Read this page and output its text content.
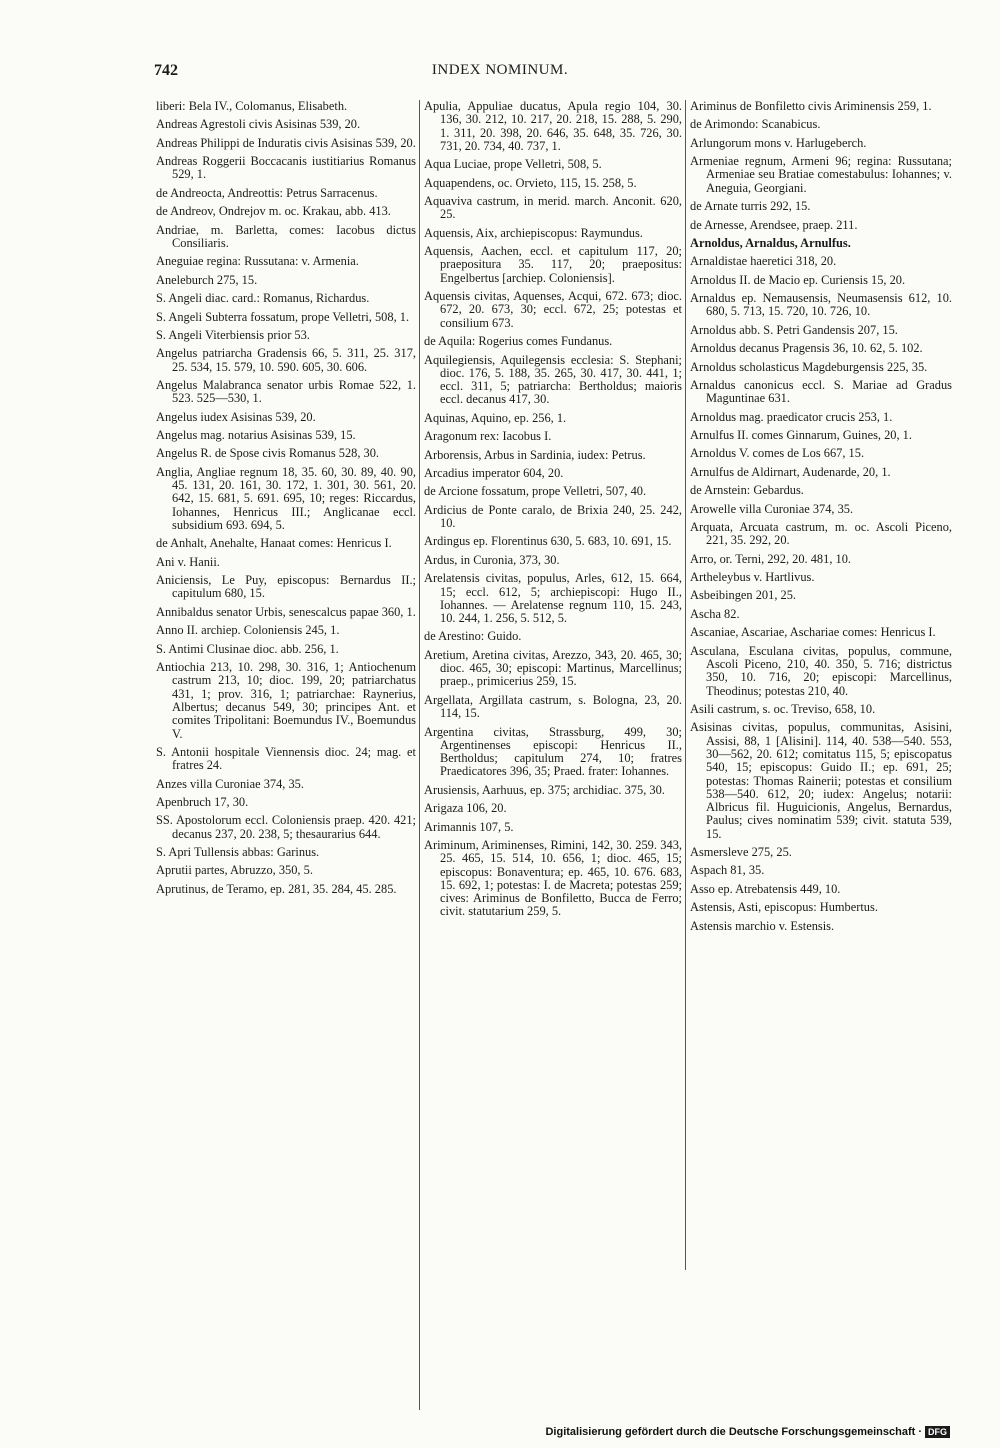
742	INDEX NOMINUM.

liberi: Bela IV., Colomanus, Elisabeth.

Andreas Agrestoli civis Asisinas 539, 20.

Andreas Philippi de Induratis civis Asisinas 539, 20.

Andreas Roggerii Boccacanis iustitiarius Romanus 529, 1.

de Andreocta, Andreottis: Petrus Sarracenus.

de Andreov, Ondrejov m. oc. Krakau, abb. 413.

Andriae, m. Barletta, comes: Iacobus dictus Consiliaris.

Aneguiae regina: Russutana: v. Armenia.

Aneleburch 275, 15.

S. Angeli diac. card.: Romanus, Richardus.

S. Angeli Subterra fossatum, prope Velletri, 508, 1.

S. Angeli Viterbiensis prior 53.

Angelus patriarcha Gradensis 66, 5. 311, 25. 317, 25. 534, 15. 579, 10. 590. 605, 30. 606.

Angelus Malabranca senator urbis Romae 522, 1. 523. 525—530, 1.

Angelus iudex Asisinas 539, 20.

Angelus mag. notarius Asisinas 539, 15.

Angelus R. de Spose civis Romanus 528, 30.

Anglia, Angliae regnum 18, 35. 60, 30. 89, 40. 90, 45. 131, 20. 161, 30. 172, 1. 301, 30. 561, 20. 642, 15. 681, 5. 691. 695, 10; reges: Riccardus, Iohannes, Henricus III.; Anglicanae eccl. subsidium 693. 694, 5.

de Anhalt, Anehalte, Hanaat comes: Henricus I.

Ani v. Hanii.

Aniciensis, Le Puy, episcopus: Bernardus II.; capitulum 680, 15.

Annibaldus senator Urbis, senescalcus papae 360, 1.

Anno II. archiep. Coloniensis 245, 1.

S. Antimi Clusinae dioc. abb. 256, 1.

Antiochia 213, 10. 298, 30. 316, 1; Antiochenum castrum 213, 10; dioc. 199, 20; patriarchatus 431, 1; prov. 316, 1; patriarchae: Raynerius, Albertus; decanus 549, 30; principes Ant. et comites Tripolitani: Boemundus IV., Boemundus V.

S. Antonii hospitale Viennensis dioc. 24; mag. et fratres 24.

Anzes villa Curoniae 374, 35.

Apenbruch 17, 30.

SS. Apostolorum eccl. Coloniensis praep. 420. 421; decanus 237, 20. 238, 5; thesaurarius 644.

S. Apri Tullensis abbas: Garinus.

Aprutii partes, Abruzzo, 350, 5.

Aprutinus, de Teramo, ep. 281, 35. 284, 45. 285.

Apulia, Appuliae ducatus, Apula regio 104, 30. 136, 30. 212, 10. 217, 20. 218, 15. 288, 5. 290, 1. 311, 20. 398, 20. 646, 35. 648, 35. 726, 30. 731, 20. 734, 40. 737, 1.

Aqua Luciae, prope Velletri, 508, 5.

Aquapendens, oc. Orvieto, 115, 15. 258, 5.

Aquaviva castrum, in merid. march. Anconit. 620, 25.

Aquensis, Aix, archiepiscopus: Raymundus.

Aquensis, Aachen, eccl. et capitulum 117, 20; praepositura 35. 117, 20; praepositus: Engelbertus [archiep. Coloniensis].

Aquensis civitas, Aquenses, Acqui, 672. 673; dioc. 672, 20. 673, 30; eccl. 672, 25; potestas et consilium 673.

de Aquila: Rogerius comes Fundanus.

Aquilegiensis, Aquilegensis ecclesia: S. Stephani; dioc. 176, 5. 188, 35. 265, 30. 417, 30. 441, 1; eccl. 311, 5; patriarcha: Bertholdus; maioris eccl. decanus 417, 30.

Aquinas, Aquino, ep. 256, 1.

Aragonum rex: Iacobus I.

Arborensis, Arbus in Sardinia, iudex: Petrus.

Arcadius imperator 604, 20.

de Arcione fossatum, prope Velletri, 507, 40.

Ardicius de Ponte caralo, de Brixia 240, 25. 242, 10.

Ardingus ep. Florentinus 630, 5. 683, 10. 691, 15.

Ardus, in Curonia, 373, 30.

Arelatensis civitas, populus, Arles, 612, 15. 664, 15; eccl. 612, 5; archiepiscopi: Hugo II., Iohannes. — Arelatense regnum 110, 15. 243, 10. 244, 1. 256, 5. 512, 5.

de Arestino: Guido.

Aretium, Aretina civitas, Arezzo, 343, 20. 465, 30; dioc. 465, 30; episcopi: Martinus, Marcellinus; praep., primicerius 259, 15.

Argellata, Argillata castrum, s. Bologna, 23, 20. 114, 15.

Argentina civitas, Strassburg, 499, 30; Argentinenses episcopi: Henricus II., Bertholdus; capitulum 274, 10; fratres Praedicatores 396, 35; Praed. frater: Iohannes.

Arusiensis, Aarhuus, ep. 375; archidiac. 375, 30.

Arigaza 106, 20.

Arimannis 107, 5.

Ariminum, Ariminenses, Rimini, 142, 30. 259. 343, 25. 465, 15. 514, 10. 656, 1; dioc. 465, 15; episcopus: Bonaventura; ep. 465, 10. 676. 683, 15. 692, 1; potestas: I. de Macreta; potestas 259; cives: Ariminus de Bonfiletto, Bucca de Ferro; civit. statutarium 259, 5.

Ariminus de Bonfiletto civis Ariminensis 259, 1.

de Arimondo: Scanabicus.

Arlungorum mons v. Harlugeberch.

Armeniae regnum, Armeni 96; regina: Russutana; Armeniae seu Bratiae comestabulus: Iohannes; v. Aneguia, Georgiani.

de Arnate turris 292, 15.

de Arnesse, Arendsee, praep. 211.

Arnoldus, Arnaldus, Arnulfus.

Arnaldistae haeretici 318, 20.

Arnoldus II. de Macio ep. Curiensis 15, 20.

Arnaldus ep. Nemausensis, Neumasensis 612, 10. 680, 5. 713, 15. 720, 10. 726, 10.

Arnoldus abb. S. Petri Gandensis 207, 15.

Arnoldus decanus Pragensis 36, 10. 62, 5. 102.

Arnoldus scholasticus Magdeburgensis 225, 35.

Arnaldus canonicus eccl. S. Mariae ad Gradus Maguntinae 631.

Arnoldus mag. praedicator crucis 253, 1.

Arnulfus II. comes Ginnarum, Guines, 20, 1.

Arnoldus V. comes de Los 667, 15.

Arnulfus de Aldirnart, Audenarde, 20, 1.

de Arnstein: Gebardus.

Arowelle villa Curoniae 374, 35.

Arquata, Arcuata castrum, m. oc. Ascoli Piceno, 221, 35. 292, 20.

Arro, or. Terni, 292, 20. 481, 10.

Artheleybus v. Hartlivus.

Asbeibingen 201, 25.

Ascha 82.

Ascaniae, Ascariae, Aschariae comes: Henricus I.

Asculana, Esculana civitas, populus, commune, Ascoli Piceno, 210, 40. 350, 5. 716; districtus 350, 10. 716, 20; episcopi: Marcellinus, Theodinus; potestas 210, 40.

Asili castrum, s. oc. Treviso, 658, 10.

Asisinas civitas, populus, communitas, Asisini, Assisi, 88, 1 [Alisini]. 114, 40. 538—540. 553, 30—562, 20. 612; comitatus 115, 5; episcopatus 540, 15; episcopus: Guido II.; ep. 691, 25; potestas: Thomas Rainerii; potestas et consilium 538—540. 612, 20; iudex: Angelus; notarii: Albricus fil. Huguicionis, Angelus, Bernardus, Paulus; cives nominatim 539; civit. statuta 539, 15.

Asmersleve 275, 25.

Aspach 81, 35.

Asso ep. Atrebatensis 449, 10.

Astensis, Asti, episcopus: Humbertus.

Astensis marchio v. Estensis.

Digitalisierung gefördert durch die Deutsche Forschungsgemeinschaft · DFG
